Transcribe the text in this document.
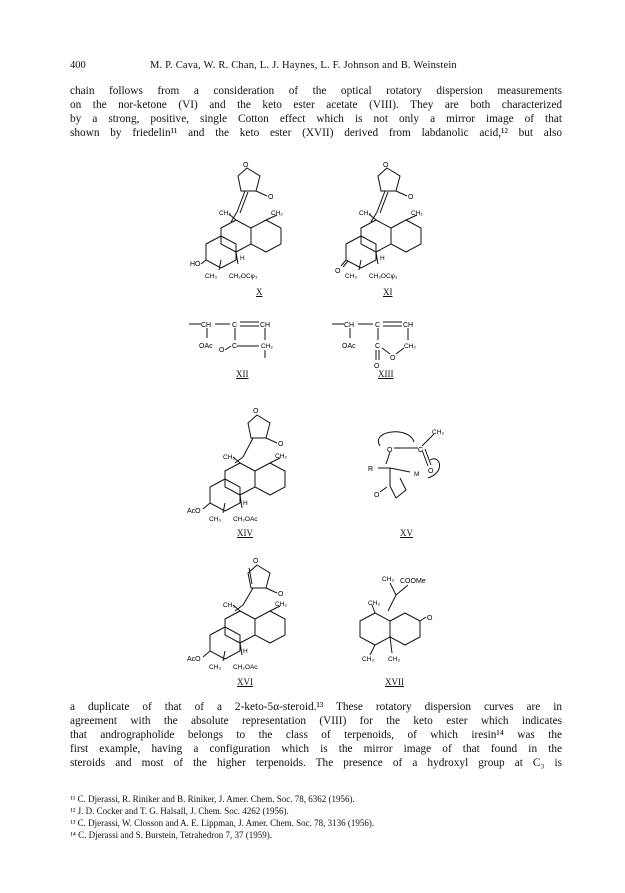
400	M. P. Cava, W. R. Chan, L. J. Haynes, L. F. Johnson and B. Weinstein
chain follows from a consideration of the optical rotatory dispersion measurements
on the nor-ketone (VI) and the keto ester acetate (VIII). They are both characterized
by a strong, positive, single Cotton effect which is not only a mirror image of that
shown by friedelin¹¹ and the keto ester (XVII) derived from labdanolic acid,¹² but also
O
O
CH₃	CH₂
H
HO
CH₃ CH₂OCφ₃
X
O
O
CH₃	CH₂
H
O
CH₃ CH₂OCφ₃
XI
CH	C	CH
OAc
O
C	CH₂
XII
CH	C	CH
OAc	C
O
CH₂
O
XIII
O
O
CH₃	CH₂
H
AcO
CH₃ CH₂OAc
XIV
CH₃
O	C
R	O
M
O
XV
O
O
CH₃	CH₂
H
AcO
CH₃ CH₂OAc
XVI
CH₃ COOMe
CH₃
O
CH₃ CH₃
XVII
a duplicate of that of a 2-keto-5α-steroid.¹³ These rotatory dispersion curves are in
agreement with the absolute representation (VIII) for the keto ester which indicates
that andrographolide belongs to the class of terpenoids, of which iresin¹⁴ was the
first example, having a configuration which is the mirror image of that found in the
steroids and most of the higher terpenoids. The presence of a hydroxyl group at C₃ is
¹¹ C. Djerassi, R. Riniker and B. Riniker, J. Amer. Chem. Soc. 78, 6362 (1956).
¹² J. D. Cocker and T. G. Halsall, J. Chem. Soc. 4262 (1956).
¹³ C. Djerassi, W. Closson and A. E. Lippman, J. Amer. Chem. Soc. 78, 3136 (1956).
¹⁴ C. Djerassi and S. Burstein, Tetrahedron 7, 37 (1959).
